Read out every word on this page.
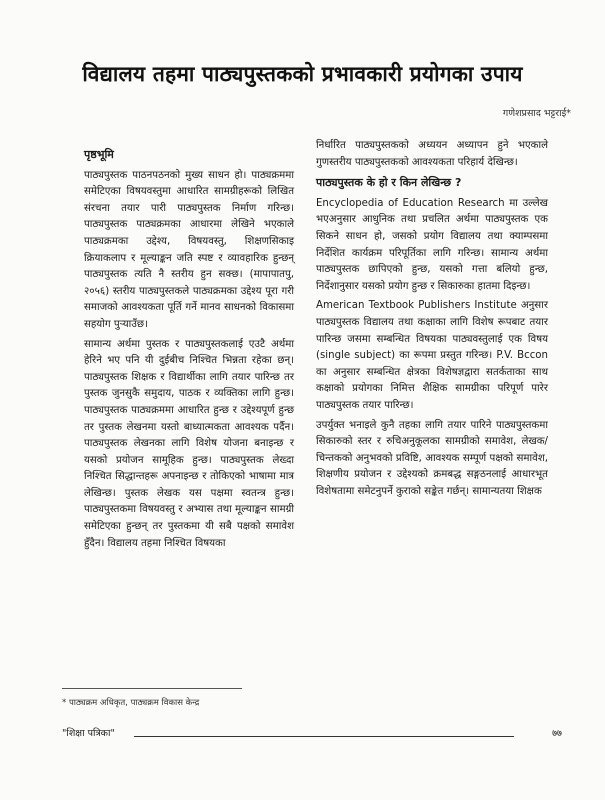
विद्यालय तहमा पाठ्यपुस्तकको प्रभावकारी प्रयोगका उपाय
गणेशप्रसाद भट्टराई*
पृष्ठभूमि

पाठ्यपुस्तक पाठनपठनको मुख्य साधन हो। पाठ्यक्रममा समेटिएका विषयवस्तुमा आधारित सामग्रीहरूको लिखित संरचना तयार पारी पाठ्यपुस्तक निर्माण गरिन्छ। पाठ्यपुस्तक पाठ्यक्रमका आधारमा लेखिने भएकाले पाठ्यक्रमका उद्देश्य, विषयवस्तु, शिक्षणसिकाइ क्रियाकलाप र मूल्याङ्कन जति स्पष्ट र व्यावहारिक हुन्छन् पाठ्यपुस्तक त्यति नै स्तरीय हुन सक्छ। (मापापातपु, २०५६) स्तरीय पाठ्यपुस्तकले पाठ्यक्रमका उद्देश्य पूरा गरी समाजको आवश्यकता पूर्ति गर्ने मानव साधनको विकासमा सहयोग पुऱ्याउँछ।

सामान्य अर्थमा पुस्तक र पाठ्यपुस्तकलाई एउटै अर्थमा हेरिने भए पनि यी दुईबीच निश्चित भिन्नता रहेका छन्। पाठ्यपुस्तक शिक्षक र विद्यार्थीका लागि तयार पारिन्छ तर पुस्तक जुनसुकै समुदाय, पाठक र व्यक्तिका लागि हुन्छ। पाठ्यपुस्तक पाठ्यक्रममा आधारित हुन्छ र उद्देश्यपूर्ण हुन्छ तर पुस्तक लेखनमा यस्तो बाध्यात्मकता आवश्यक पर्दैन। पाठ्यपुस्तक लेखनका लागि विशेष योजना बनाइन्छ र यसको प्रयोजन सामूहिक हुन्छ। पाठ्यपुस्तक लेख्दा निश्चित सिद्धान्तहरू अपनाइन्छ र तोकिएको भाषामा मात्र लेखिन्छ। पुस्तक लेखक यस पक्षमा स्वतन्त्र हुन्छ। पाठ्यपुस्तकमा विषयवस्तु र अभ्यास तथा मूल्याङ्कन सामग्री समेटिएका हुन्छन् तर पुस्तकमा यी सबै पक्षको समावेश हुँदैन। विद्यालय तहमा निश्चित विषयका

निर्धारित पाठ्यपुस्तकको अध्ययन अध्यापन हुने भएकाले गुणस्तरीय पाठ्यपुस्तकको आवश्यकता परिहार्य देखिन्छ।

पाठ्यपुस्तक के हो र किन लेखिन्छ ?

Encyclopedia of Education Research मा उल्लेख भएअनुसार आधुनिक तथा प्रचलित अर्थमा पाठ्यपुस्तक एक सिकने साधन हो, जसको प्रयोग विद्यालय तथा क्याम्पसमा निर्देशित कार्यक्रम परिपूर्तिका लागि गरिन्छ। सामान्य अर्थमा पाठ्यपुस्तक छापिएको हुन्छ, यसको गत्ता बलियो हुन्छ, निर्देशानुसार यसको प्रयोग हुन्छ र सिकारुका हातमा दिइन्छ।

American Textbook Publishers Institute अनुसार पाठ्यपुस्तक विद्यालय तथा कक्षाका लागि विशेष रूपबाट तयार पारिन्छ जसमा सम्बन्धित विषयका पाठ्यवस्तुलाई एक विषय (single subject) का रूपमा प्रस्तुत गरिन्छ। P.V. Bccon का अनुसार सम्बन्धित क्षेत्रका विशेषज्ञद्वारा सतर्कताका साथ कक्षाको प्रयोगका निमित्त शैक्षिक सामग्रीका परिपूर्ण पारेर पाठ्यपुस्तक तयार पारिन्छ।

उपर्युक्त भनाइले कुनै तहका लागि तयार पारिने पाठ्यपुस्तकमा सिकारुको स्तर र रुचिअनुकूलका सामग्रीको समावेश, लेखक/चिन्तकको अनुभवको प्रविष्टि, आवश्यक सम्पूर्ण पक्षको समावेश, शिक्षणीय प्रयोजन र उद्देश्यको क्रमबद्ध सङ्गठनलाई आधारभूत विशेषतामा समेटनुपर्ने कुराको सङ्केत गर्छन्। सामान्यतया शिक्षक

* पाठ्यक्रम अधिकृत, पाठ्यक्रम विकास केन्द्र
"शिक्षा पत्रिका"	७७
